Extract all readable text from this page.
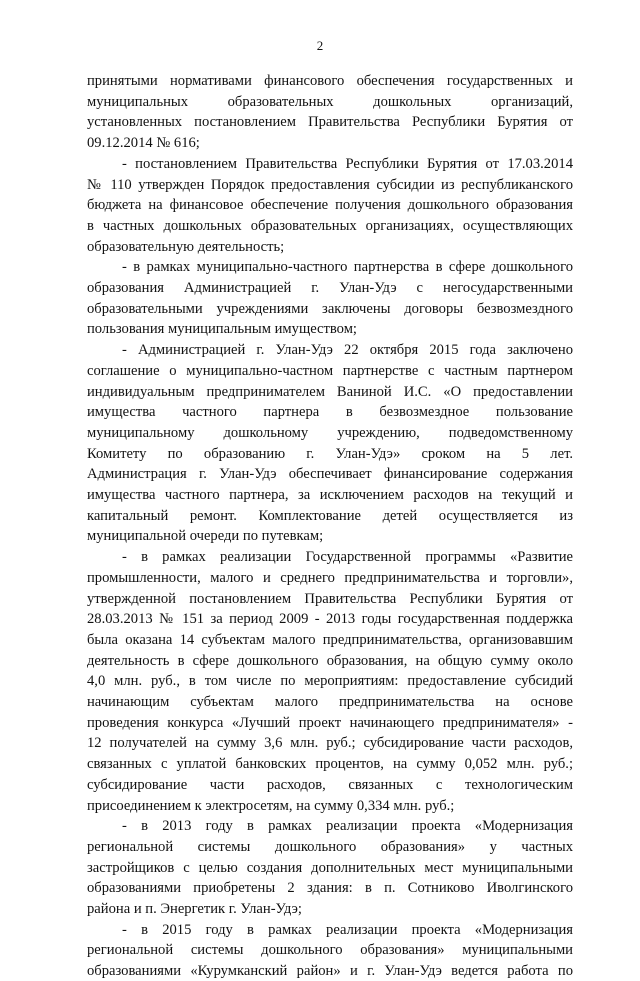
2
принятыми нормативами финансового обеспечения государственных и
муниципальных образовательных дошкольных организаций,
установленных постановлением Правительства Республики Бурятия от
09.12.2014 № 616;
- постановлением Правительства Республики Бурятия от 17.03.2014
№ 110 утвержден Порядок предоставления субсидии из республиканского
бюджета на финансовое обеспечение получения дошкольного образования
в частных дошкольных образовательных организациях, осуществляющих
образовательную деятельность;
- в рамках муниципально-частного партнерства в сфере дошкольного
образования Администрацией г. Улан-Удэ с негосударственными
образовательными учреждениями заключены договоры безвозмездного
пользования муниципальным имуществом;
- Администрацией г. Улан-Удэ 22 октября 2015 года заключено
соглашение о муниципально-частном партнерстве с частным партнером
индивидуальным предпринимателем Ваниной И.С. «О предоставлении
имущества частного партнера в безвозмездное пользование
муниципальному дошкольному учреждению, подведомственному
Комитету по образованию г. Улан-Удэ» сроком на 5 лет.
Администрация г. Улан-Удэ обеспечивает финансирование содержания
имущества частного партнера, за исключением расходов на текущий и
капитальный ремонт. Комплектование детей осуществляется из
муниципальной очереди по путевкам;
- в рамках реализации Государственной программы «Развитие
промышленности, малого и среднего предпринимательства и торговли»,
утвержденной постановлением Правительства Республики Бурятия от
28.03.2013 № 151 за период 2009 - 2013 годы государственная поддержка
была оказана 14 субъектам малого предпринимательства, организовавшим
деятельность в сфере дошкольного образования, на общую сумму около
4,0 млн. руб., в том числе по мероприятиям: предоставление субсидий
начинающим субъектам малого предпринимательства на основе
проведения конкурса «Лучший проект начинающего предпринимателя» -
12 получателей на сумму 3,6 млн. руб.; субсидирование части расходов,
связанных с уплатой банковских процентов, на сумму 0,052 млн. руб.;
субсидирование части расходов, связанных с технологическим
присоединением к электросетям, на сумму 0,334 млн. руб.;
- в 2013 году в рамках реализации проекта «Модернизация
региональной системы дошкольного образования» у частных
застройщиков с целью создания дополнительных мест муниципальными
образованиями приобретены 2 здания: в п. Сотниково Иволгинского
района и п. Энергетик г. Улан-Удэ;
- в 2015 году в рамках реализации проекта «Модернизация
региональной системы дошкольного образования» муниципальными
образованиями «Курумканский район» и г. Улан-Удэ ведется работа по
